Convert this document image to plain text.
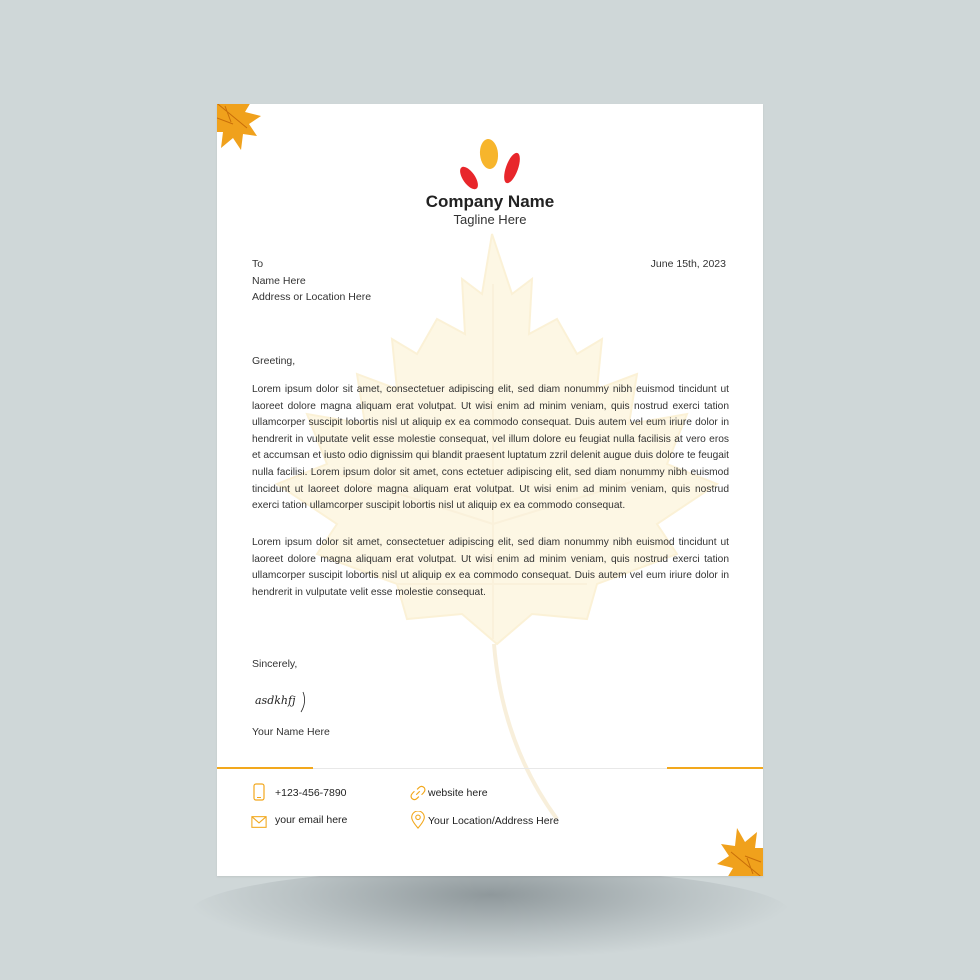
Company Name
Tagline Here
To
Name Here
Address or Location Here
June 15th, 2023
Greeting,
Lorem ipsum dolor sit amet, consectetuer adipiscing elit, sed diam nonummy nibh euismod tincidunt ut laoreet dolore magna aliquam erat volutpat. Ut wisi enim ad minim veniam, quis nostrud exerci tation ullamcorper suscipit lobortis nisl ut aliquip ex ea commodo consequat. Duis autem vel eum iriure dolor in hendrerit in vulputate velit esse molestie consequat, vel illum dolore eu feugiat nulla facilisis at vero eros et accumsan et iusto odio dignissim qui blandit praesent luptatum zzril delenit augue duis dolore te feugait nulla facilisi. Lorem ipsum dolor sit amet, cons ectetuer adipiscing elit, sed diam nonummy nibh euismod tincidunt ut laoreet dolore magna aliquam erat volutpat. Ut wisi enim ad minim veniam, quis nostrud exerci tation ullamcorper suscipit lobortis nisl ut aliquip ex ea commodo consequat.
Lorem ipsum dolor sit amet, consectetuer adipiscing elit, sed diam nonummy nibh euismod tincidunt ut laoreet dolore magna aliquam erat volutpat. Ut wisi enim ad minim veniam, quis nostrud exerci tation ullamcorper suscipit lobortis nisl ut aliquip ex ea commodo consequat. Duis autem vel eum iriure dolor in hendrerit in vulputate velit esse molestie consequat.
Sincerely,
asdkhfj
Your Name Here
+123-456-7890
your email here
website here
Your Location/Address Here
